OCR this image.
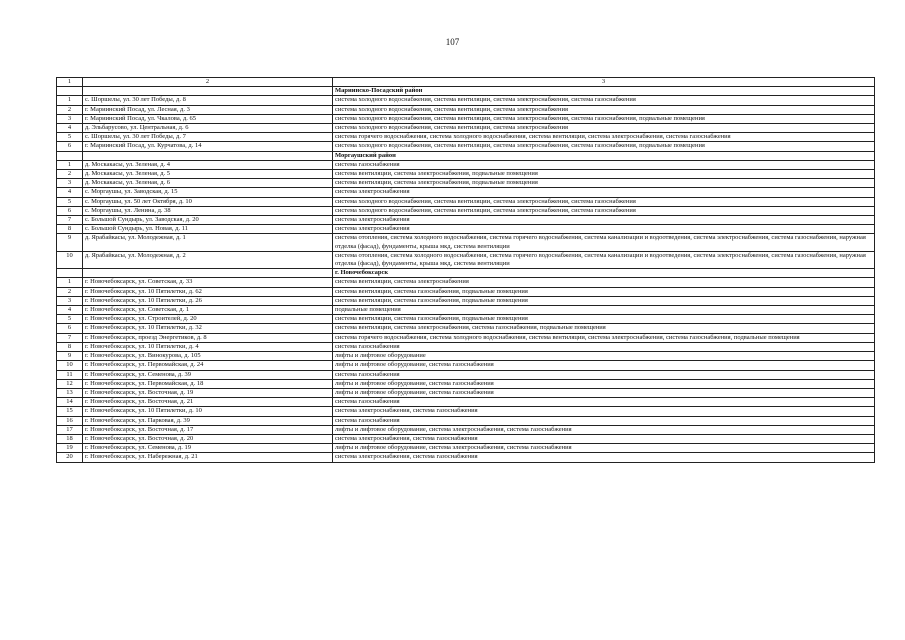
107
1	2	3
		Мариинско-Посадский район
1	с. Шоршелы, ул. 30 лет Победы, д. 8	система холодного водоснабжения, система вентиляции, система электроснабжения, система газоснабжения
2	г. Мариинский Посад, ул. Лесная, д. 3	система холодного водоснабжения, система вентиляции, система электроснабжения
3	г. Мариинский Посад, ул. Чкалова, д. 65	система холодного водоснабжения, система вентиляции, система электроснабжения, система газоснабжения, подвальные помещения
4	д. Эльбарусово, ул. Центральная, д. 6	система холодного водоснабжения, система вентиляции, система электроснабжения
5	с. Шоршелы, ул. 30 лет Победы, д. 7	система горячего водоснабжения, система холодного водоснабжения, система вентиляции, система электроснабжения, система газоснабжения
6	г. Мариинский Посад, ул. Курчатова, д. 14	система холодного водоснабжения, система вентиляции, система электроснабжения, система газоснабжения, подвальные помещения
		Моргаушский район
1	д. Москакасы, ул. Зеленая, д. 4	система газоснабжения
2	д. Москакасы, ул. Зеленая, д. 5	система вентиляции, система электроснабжения, подвальные помещения
3	д. Москакасы, ул. Зеленая, д. 6	система вентиляции, система электроснабжения, подвальные помещения
4	с. Моргаушы, ул. Заводская, д. 15	система электроснабжения
5	с. Моргаушы, ул. 50 лет Октября, д. 10	система холодного водоснабжения, система вентиляции, система электроснабжения, система газоснабжения
6	с. Моргаушы, ул. Ленина, д. 38	система холодного водоснабжения, система вентиляции, система электроснабжения, система газоснабжения
7	с. Большой Сундырь, ул. Заводская, д. 20	система электроснабжения
8	с. Большой Сундырь, ул. Новая, д. 11	система электроснабжения
9	д. Ярабайкасы, ул. Молодежная, д. 1	система отопления, система холодного водоснабжения, система горячего водоснабжения, система канализации и водоотведения, система электроснабжения, система газоснабжения, наружная отделка (фасад), фундаменты, крыша мкд, система вентиляции
10	д. Ярабайкасы, ул. Молодежная, д. 2	система отопления, система холодного водоснабжения, система горячего водоснабжения, система канализации и водоотведения, система электроснабжения, система газоснабжения, наружная отделка (фасад), фундаменты, крыша мкд, система вентиляции
		г. Новочебоксарск
1	г. Новочебоксарск, ул. Советская, д. 33	система вентиляции, система электроснабжения
2	г. Новочебоксарск, ул. 10 Пятилетки, д. 62	система вентиляции, система газоснабжения, подвальные помещения
3	г. Новочебоксарск, ул. 10 Пятилетки, д. 26	система вентиляции, система газоснабжения, подвальные помещения
4	г. Новочебоксарск, ул. Советская, д. 1	подвальные помещения
5	г. Новочебоксарск, ул. Строителей, д. 20	система вентиляции, система газоснабжения, подвальные помещения
6	г. Новочебоксарск, ул. 10 Пятилетки, д. 32	система вентиляции, система электроснабжения, система газоснабжения, подвальные помещения
7	г. Новочебоксарск, проезд Энергетиков, д. 8	система горячего водоснабжения, система холодного водоснабжения, система вентиляции, система электроснабжения, система газоснабжения, подвальные помещения
8	г. Новочебоксарск, ул. 10 Пятилетки, д. 4	система газоснабжения
9	г. Новочебоксарск, ул. Винокурова, д. 105	лифты и лифтовое оборудование
10	г. Новочебоксарск, ул. Первомайская, д. 24	лифты и лифтовое оборудование, система газоснабжения
11	г. Новочебоксарск, ул. Семенова, д. 39	система газоснабжения
12	г. Новочебоксарск, ул. Первомайская, д. 18	лифты и лифтовое оборудование, система газоснабжения
13	г. Новочебоксарск, ул. Восточная, д. 19	лифты и лифтовое оборудование, система газоснабжения
14	г. Новочебоксарск, ул. Восточная, д. 21	система газоснабжения
15	г. Новочебоксарск, ул. 10 Пятилетки, д. 10	система электроснабжения, система газоснабжения
16	г. Новочебоксарск, ул. Парковая, д. 39	система газоснабжения
17	г. Новочебоксарск, ул. Восточная, д. 17	лифты и лифтовое оборудование, система электроснабжения, система газоснабжения
18	г. Новочебоксарск, ул. Восточная, д. 20	система электроснабжения, система газоснабжения
19	г. Новочебоксарск, ул. Семенова, д. 19	лифты и лифтовое оборудование, система электроснабжения, система газоснабжения
20	г. Новочебоксарск, ул. Набережная, д. 21	система электроснабжения, система газоснабжения
